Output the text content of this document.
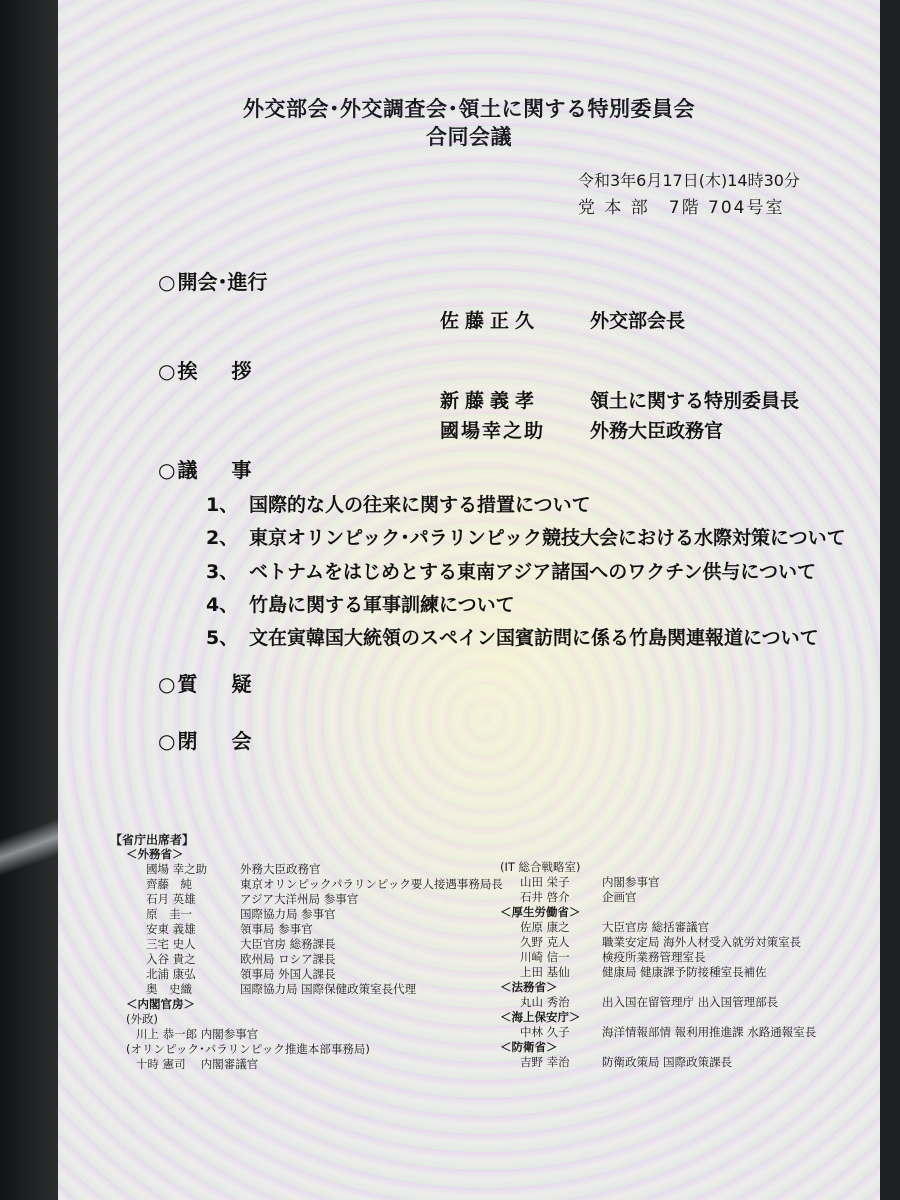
外交部会･外交調査会･領土に関する特別委員会
合同会議
令和3年6月17日(木)14時30分
党 本 部　7階 704号室
○ 開会･進行
佐藤正久	外交部会長
○ 挨拶
新藤義孝	領土に関する特別委員長
國場幸之助 外務大臣政務官
○ 議事
1、 国際的な人の往来に関する措置について
2、 東京オリンピック･パラリンピック競技大会における水際対策について
3、 ベトナムをはじめとする東南アジア諸国へのワクチン供与について
4、 竹島に関する軍事訓練について
5、 文在寅韓国大統領のスペイン国賓訪問に係る竹島関連報道について
○ 質疑
○ 閉会
【省庁出席者】
＜外務省＞
國場 幸之助	外務大臣政務官
齊藤　純	東京オリンピックパラリンピック要人接遇事務局長
石月 英雄	アジア大洋州局 参事官
原　圭一	国際協力局 参事官
安東 義雄	領事局 参事官
三宅 史人	大臣官房 総務課長
入谷 貴之	欧州局 ロシア課長
北浦 康弘	領事局 外国人課長
奥　史織	国際協力局 国際保健政策室長代理
＜内閣官房＞
(外政)
川上 恭一郎 内閣参事官
(オリンピック･パラリンピック推進本部事務局)
十時 憲司　 内閣審議官
(IT 総合戦略室)
山田 栄子	内閣参事官
石井 啓介	企画官
＜厚生労働省＞
佐原 康之	大臣官房 総括審議官
久野 克人	職業安定局 海外人材受入就労対策室長
川崎 信一	検疫所業務管理室長
上田 基仙	健康局 健康課予防接種室長補佐
＜法務省＞
丸山 秀治	出入国在留管理庁 出入国管理部長
＜海上保安庁＞
中林 久子	海洋情報部情 報利用推進課 水路通報室長
＜防衛省＞
吉野 幸治	防衛政策局 国際政策課長
